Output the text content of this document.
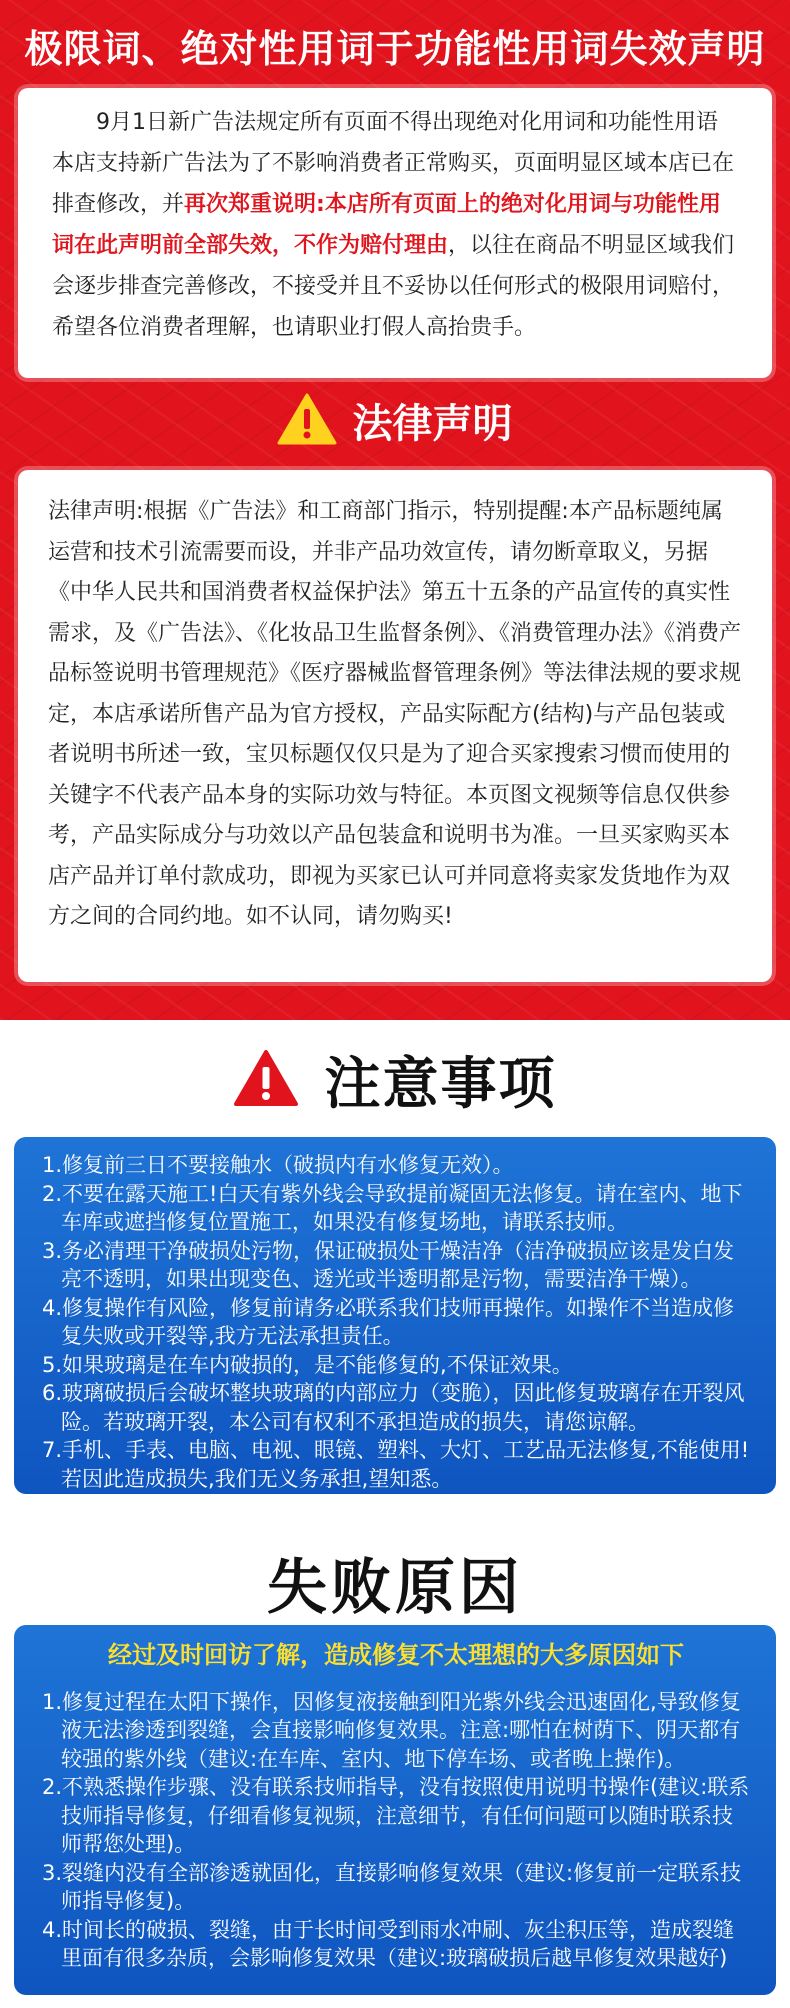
极限词、绝对性用词于功能性用词失效声明
9月1日新广告法规定所有页面不得出现绝对化用词和功能性用语本店支持新广告法为了不影响消费者正常购买，页面明显区域本店已在排查修改，并再次郑重说明:本店所有页面上的绝对化用词与功能性用词在此声明前全部失效，不作为赔付理由，以往在商品不明显区域我们会逐步排查完善修改，不接受并且不妥协以任何形式的极限用词赔付，希望各位消费者理解，也请职业打假人高抬贵手。
法律声明
法律声明:根据《广告法》和工商部门指示，特别提醒:本产品标题纯属运营和技术引流需要而设，并非产品功效宣传，请勿断章取义，另据《中华人民共和国消费者权益保护法》第五十五条的产品宣传的真实性需求，及《广告法》、《化妆品卫生监督条例》、《消费管理办法》《消费产品标签说明书管理规范》《医疗器械监督管理条例》等法律法规的要求规定，本店承诺所售产品为官方授权，产品实际配方(结构)与产品包装或者说明书所述一致，宝贝标题仅仅只是为了迎合买家搜索习惯而使用的关键字不代表产品本身的实际功效与特征。本页图文视频等信息仅供参考，产品实际成分与功效以产品包装盒和说明书为准。一旦买家购买本店产品并订单付款成功，即视为买家已认可并同意将卖家发货地作为双方之间的合同约地。如不认同，请勿购买!
注意事项
1.修复前三日不要接触水（破损内有水修复无效）。
2.不要在露天施工!白天有紫外线会导致提前凝固无法修复。请在室内、地下车库或遮挡修复位置施工，如果没有修复场地，请联系技师。
3.务必清理干净破损处污物，保证破损处干燥洁净（洁净破损应该是发白发亮不透明，如果出现变色、透光或半透明都是污物，需要洁净干燥）。
4.修复操作有风险，修复前请务必联系我们技师再操作。如操作不当造成修复失败或开裂等,我方无法承担责任。
5.如果玻璃是在车内破损的，是不能修复的,不保证效果。
6.玻璃破损后会破坏整块玻璃的内部应力（变脆），因此修复玻璃存在开裂风险。若玻璃开裂，本公司有权利不承担造成的损失，请您谅解。
7.手机、手表、电脑、电视、眼镜、塑料、大灯、工艺品无法修复,不能使用!若因此造成损失,我们无义务承担,望知悉。
失败原因
经过及时回访了解，造成修复不太理想的大多原因如下
1.修复过程在太阳下操作，因修复液接触到阳光紫外线会迅速固化,导致修复液无法渗透到裂缝，会直接影响修复效果。注意:哪怕在树荫下、阴天都有较强的紫外线（建议:在车库、室内、地下停车场、或者晚上操作)。
2.不熟悉操作步骤、没有联系技师指导，没有按照使用说明书操作(建议:联系技师指导修复，仔细看修复视频，注意细节，有任何问题可以随时联系技师帮您处理)。
3.裂缝内没有全部渗透就固化，直接影响修复效果（建议:修复前一定联系技师指导修复)。
4.时间长的破损、裂缝，由于长时间受到雨水冲刷、灰尘积压等，造成裂缝里面有很多杂质，会影响修复效果（建议:玻璃破损后越早修复效果越好)
